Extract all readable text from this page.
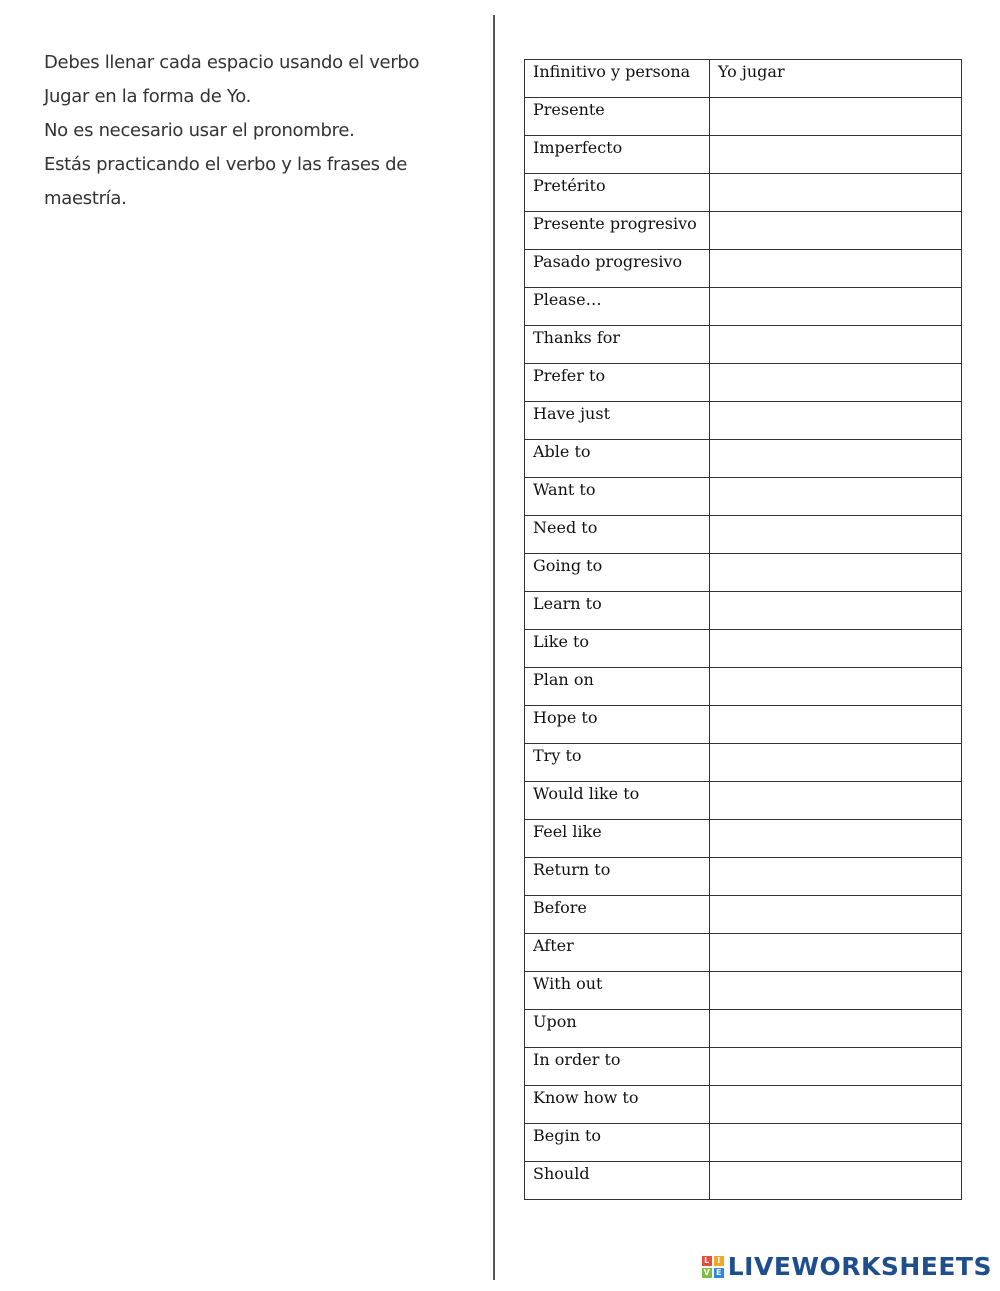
Debes llenar cada espacio usando el verbo

Jugar en la forma de Yo.

No es necesario usar el pronombre.

Estás practicando el verbo y las frases de

maestría.

Infinitivo y persona	Yo jugar
Presente	
Imperfecto	
Pretérito	
Presente progresivo	
Pasado progresivo	
Please…	
Thanks for	
Prefer to	
Have just	
Able to	
Want to	
Need to	
Going to	
Learn to	
Like to	
Plan on	
Hope to	
Try to	
Would like to	
Feel like	
Return to	
Before	
After	
With out	
Upon	
In order to	
Know how to	
Begin to	
Should	
L I
V E LIVEWORKSHEETS
